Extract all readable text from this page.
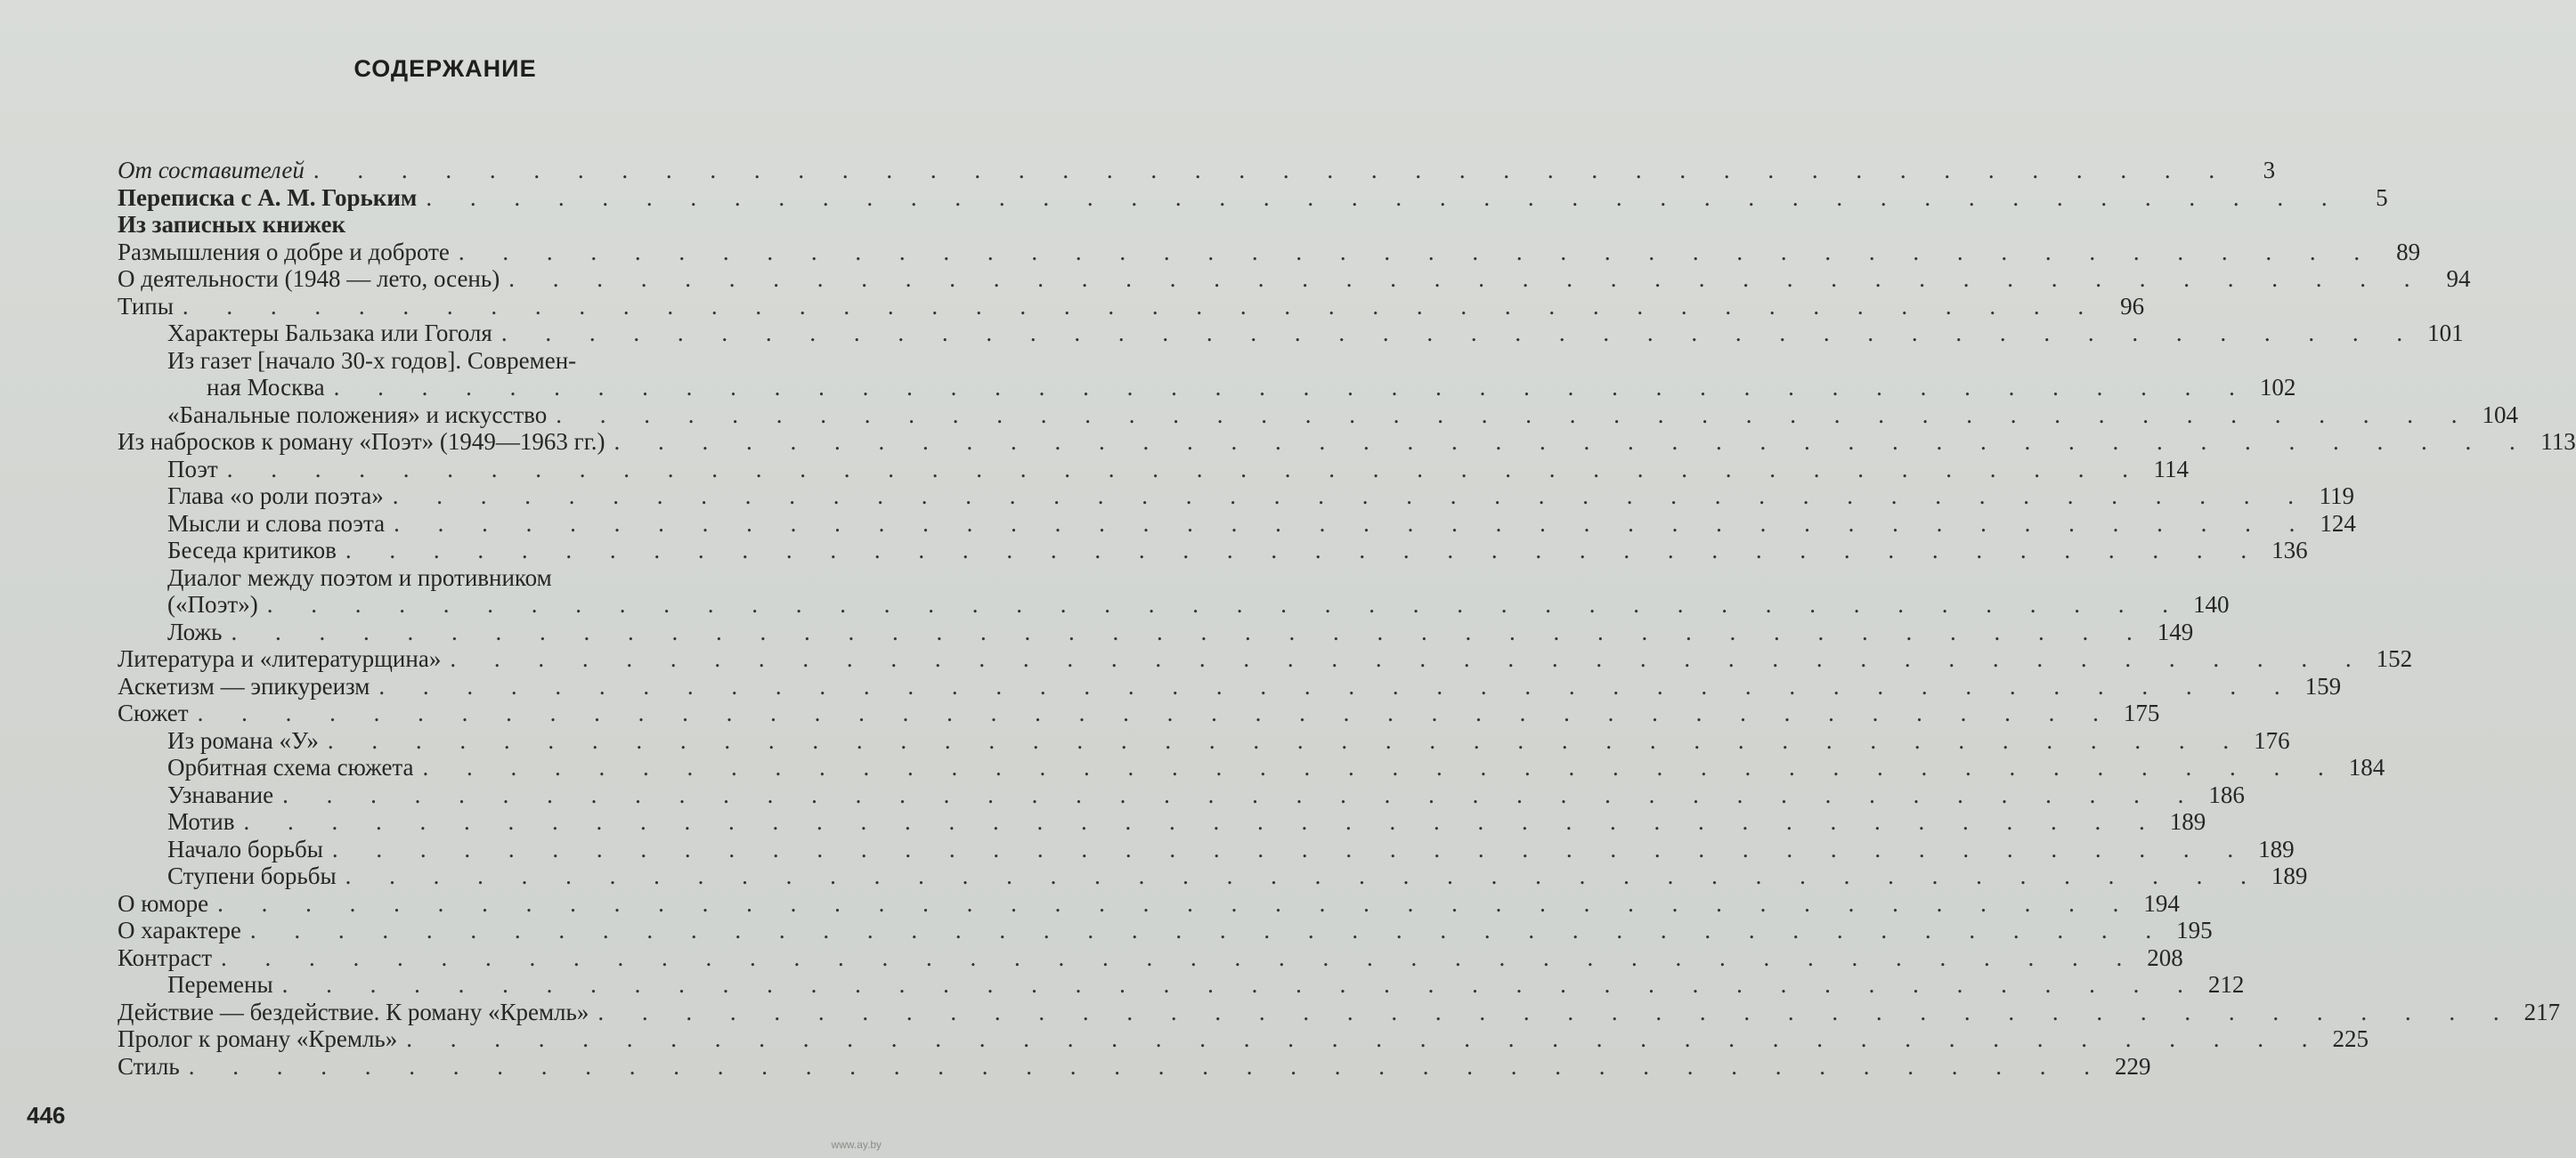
СОДЕРЖАНИЕ
От составителей . . . . . . . . . . . . . . . . . . . . . . . . . . . . . . . . . . . . . . . . . . . .	3
Переписка с А. М. Горьким . . . . . . . . . . . . . . . . . . . . . . . . . . . . . . . . . . . . . . . . . . . .	5
Из записных книжек
Размышления о добре и доброте . . . . . . . . . . . . . . . . . . . . . . . . . . . . . . . . . . . . . . . . . . . . 89
О деятельности (1948 — лето, осень) . . . . . . . . . . . . . . . . . . . . . . . . . . . . . . . . . . . . . . . . . . . . 94
Типы . . . . . . . . . . . . . . . . . . . . . . . . . . . . . . . . . . . . . . . . . . . . 96
Характеры Бальзака или Гоголя . . . . . . . . . . . . . . . . . . . . . . . . . . . . . . . . . . . . . . . . . . . . 101
Из газет [начало 30-х годов]. Современ-
ная Москва . . . . . . . . . . . . . . . . . . . . . . . . . . . . . . . . . . . . . . . . . . . . 102
«Банальные положения» и искусство . . . . . . . . . . . . . . . . . . . . . . . . . . . . . . . . . . . . . . . . . . . . 104
Из набросков к роману «Поэт» (1949—1963 гг.) . . . . . . . . . . . . . . . . . . . . . . . . . . . . . . . . . . . . . . . . . . . . 113
Поэт . . . . . . . . . . . . . . . . . . . . . . . . . . . . . . . . . . . . . . . . . . . . 114
Глава «о роли поэта» . . . . . . . . . . . . . . . . . . . . . . . . . . . . . . . . . . . . . . . . . . . . 119
Мысли и слова поэта . . . . . . . . . . . . . . . . . . . . . . . . . . . . . . . . . . . . . . . . . . . . 124
Беседа критиков . . . . . . . . . . . . . . . . . . . . . . . . . . . . . . . . . . . . . . . . . . . . 136
Диалог между поэтом и противником
(«Поэт») . . . . . . . . . . . . . . . . . . . . . . . . . . . . . . . . . . . . . . . . . . . . 140
Ложь . . . . . . . . . . . . . . . . . . . . . . . . . . . . . . . . . . . . . . . . . . . . 149
Литература и «литературщина» . . . . . . . . . . . . . . . . . . . . . . . . . . . . . . . . . . . . . . . . . . . . 152
Аскетизм — эпикуреизм . . . . . . . . . . . . . . . . . . . . . . . . . . . . . . . . . . . . . . . . . . . . 159
Сюжет . . . . . . . . . . . . . . . . . . . . . . . . . . . . . . . . . . . . . . . . . . . . 175
Из романа «У» . . . . . . . . . . . . . . . . . . . . . . . . . . . . . . . . . . . . . . . . . . . . 176
Орбитная схема сюжета . . . . . . . . . . . . . . . . . . . . . . . . . . . . . . . . . . . . . . . . . . . . 184
Узнавание . . . . . . . . . . . . . . . . . . . . . . . . . . . . . . . . . . . . . . . . . . . . 186
Мотив . . . . . . . . . . . . . . . . . . . . . . . . . . . . . . . . . . . . . . . . . . . . 189
Начало борьбы . . . . . . . . . . . . . . . . . . . . . . . . . . . . . . . . . . . . . . . . . . . . 189
Ступени борьбы . . . . . . . . . . . . . . . . . . . . . . . . . . . . . . . . . . . . . . . . . . . . 189
О юморе . . . . . . . . . . . . . . . . . . . . . . . . . . . . . . . . . . . . . . . . . . . . 194
О характере . . . . . . . . . . . . . . . . . . . . . . . . . . . . . . . . . . . . . . . . . . . . 195
Контраст . . . . . . . . . . . . . . . . . . . . . . . . . . . . . . . . . . . . . . . . . . . . 208
Перемены . . . . . . . . . . . . . . . . . . . . . . . . . . . . . . . . . . . . . . . . . . . . 212
Действие — бездействие. К роману «Кремль» . . . . . . . . . . . . . . . . . . . . . . . . . . . . . . . . . . . . . . . . . . . . 217
Пролог к роману «Кремль» . . . . . . . . . . . . . . . . . . . . . . . . . . . . . . . . . . . . . . . . . . . . 225
Стиль . . . . . . . . . . . . . . . . . . . . . . . . . . . . . . . . . . . . . . . . . . . . 229
446
www.ay.by
